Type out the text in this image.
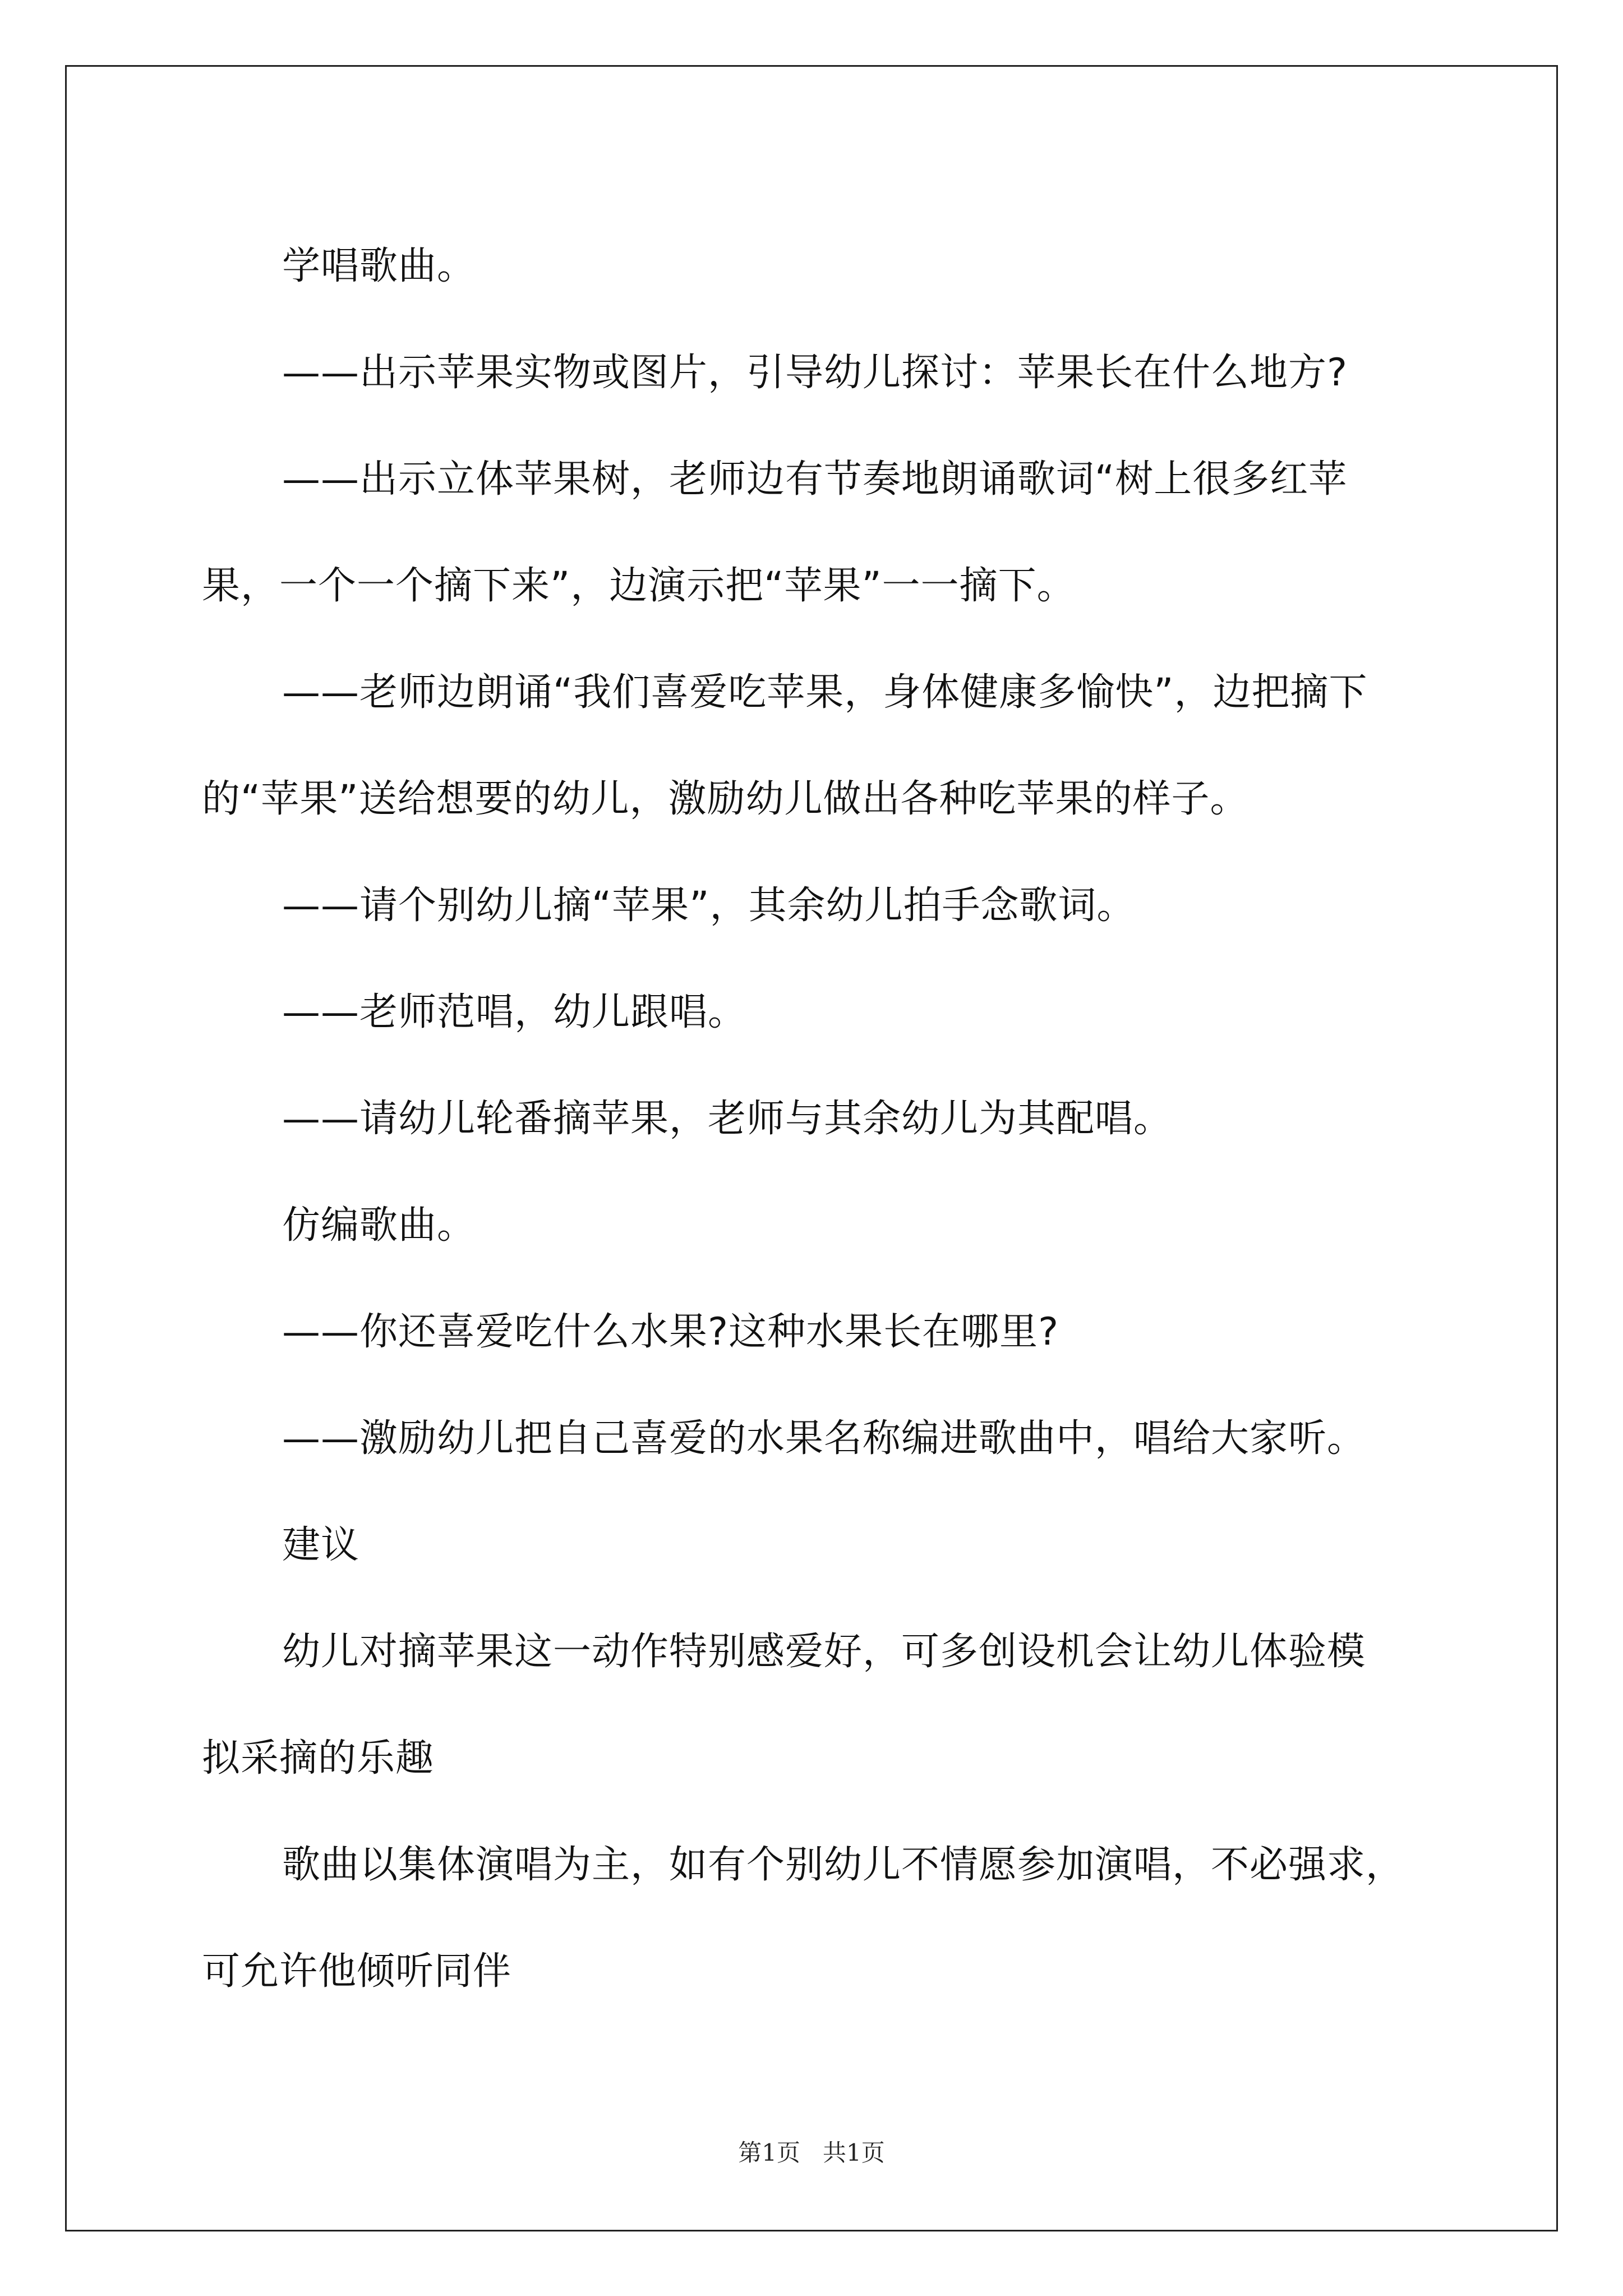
学唱歌曲。

——出示苹果实物或图片，引导幼儿探讨：苹果长在什么地方?

——出示立体苹果树，老师边有节奏地朗诵歌词“树上很多红苹

果，一个一个摘下来”，边演示把“苹果”一一摘下。

——老师边朗诵“我们喜爱吃苹果，身体健康多愉快”，边把摘下

的“苹果”送给想要的幼儿，激励幼儿做出各种吃苹果的样子。

——请个别幼儿摘“苹果”，其余幼儿拍手念歌词。

——老师范唱，幼儿跟唱。

——请幼儿轮番摘苹果，老师与其余幼儿为其配唱。

仿编歌曲。

——你还喜爱吃什么水果?这种水果长在哪里?

——激励幼儿把自己喜爱的水果名称编进歌曲中，唱给大家听。

建议

幼儿对摘苹果这一动作特别感爱好，可多创设机会让幼儿体验模

拟采摘的乐趣

歌曲以集体演唱为主，如有个别幼儿不情愿参加演唱，不必强求，

可允许他倾听同伴

第1页   共1页
